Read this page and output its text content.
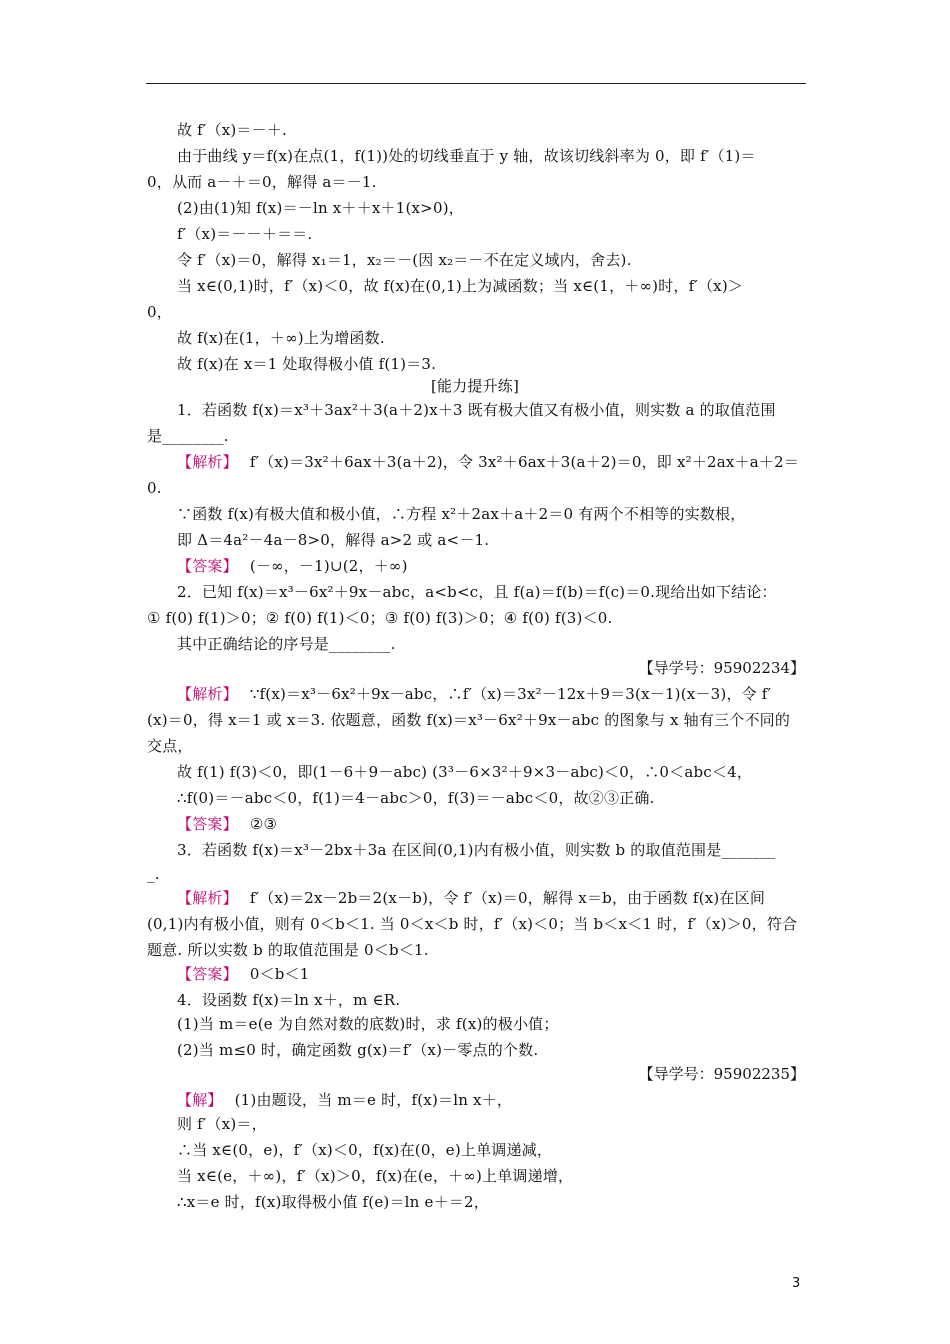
故 f′（x)＝－＋.
由于曲线 y＝f(x)在点(1，f(1))处的切线垂直于 y 轴，故该切线斜率为 0，即 f′（1)＝
0，从而 a－＋＝0，解得 a＝－1.
(2)由(1)知 f(x)＝－ln x＋＋x＋1(x>0)，
f′（x)＝－－＋＝＝.
令 f′（x)＝0，解得 x₁＝1，x₂＝－(因 x₂＝－不在定义域内，舍去).
当 x∈(0,1)时，f′（x)＜0，故 f(x)在(0,1)上为减函数；当 x∈(1，＋∞)时，f′（x)＞
0，
故 f(x)在(1，＋∞)上为增函数.
故 f(x)在 x＝1 处取得极小值 f(1)＝3.
[能力提升练]
1．若函数 f(x)＝x³＋3ax²＋3(a＋2)x＋3 既有极大值又有极小值，则实数 a 的取值范围
是________.
【解析】 f′（x)＝3x²＋6ax＋3(a＋2)，令 3x²＋6ax＋3(a＋2)＝0，即 x²＋2ax＋a＋2＝
0.
∵函数 f(x)有极大值和极小值，∴方程 x²＋2ax＋a＋2＝0 有两个不相等的实数根，
即 Δ＝4a²－4a－8>0，解得 a>2 或 a<－1.
【答案】 (－∞，－1)∪(2，＋∞)
2．已知 f(x)＝x³－6x²＋9x－abc，a<b<c，且 f(a)＝f(b)＝f(c)＝0.现给出如下结论：
① f(0) f(1)＞0；② f(0) f(1)＜0；③ f(0) f(3)＞0；④ f(0) f(3)＜0.
其中正确结论的序号是________.
【导学号：95902234】
【解析】 ∵f(x)＝x³－6x²＋9x－abc，∴f′（x)＝3x²－12x＋9＝3(x－1)(x－3)，令 f′
(x)＝0，得 x＝1 或 x＝3. 依题意，函数 f(x)＝x³－6x²＋9x－abc 的图象与 x 轴有三个不同的
交点，
故 f(1) f(3)＜0，即(1－6＋9－abc) (3³－6×3²＋9×3－abc)＜0，∴0＜abc＜4，
∴f(0)＝－abc＜0，f(1)＝4－abc＞0，f(3)＝－abc＜0，故②③正确.
【答案】 ②③
3．若函数 f(x)＝x³－2bx＋3a 在区间(0,1)内有极小值，则实数 b 的取值范围是_______
_.
【解析】 f′（x)＝2x－2b＝2(x－b)，令 f′（x)＝0，解得 x＝b，由于函数 f(x)在区间
(0,1)内有极小值，则有 0＜b＜1. 当 0＜x＜b 时，f′（x)＜0；当 b＜x＜1 时，f′（x)＞0，符合
题意. 所以实数 b 的取值范围是 0＜b＜1.
【答案】 0＜b＜1
4．设函数 f(x)＝ln x＋，m ∈R.
(1)当 m＝e(e 为自然对数的底数)时，求 f(x)的极小值；
(2)当 m≤0 时，确定函数 g(x)＝f′（x)－零点的个数.
【导学号：95902235】
【解】 (1)由题设，当 m＝e 时，f(x)＝ln x＋，
则 f′（x)＝，
∴当 x∈(0，e)，f′（x)＜0，f(x)在(0，e)上单调递减，
当 x∈(e，＋∞)，f′（x)＞0，f(x)在(e，＋∞)上单调递增，
∴x＝e 时，f(x)取得极小值 f(e)＝ln e＋＝2，
3
